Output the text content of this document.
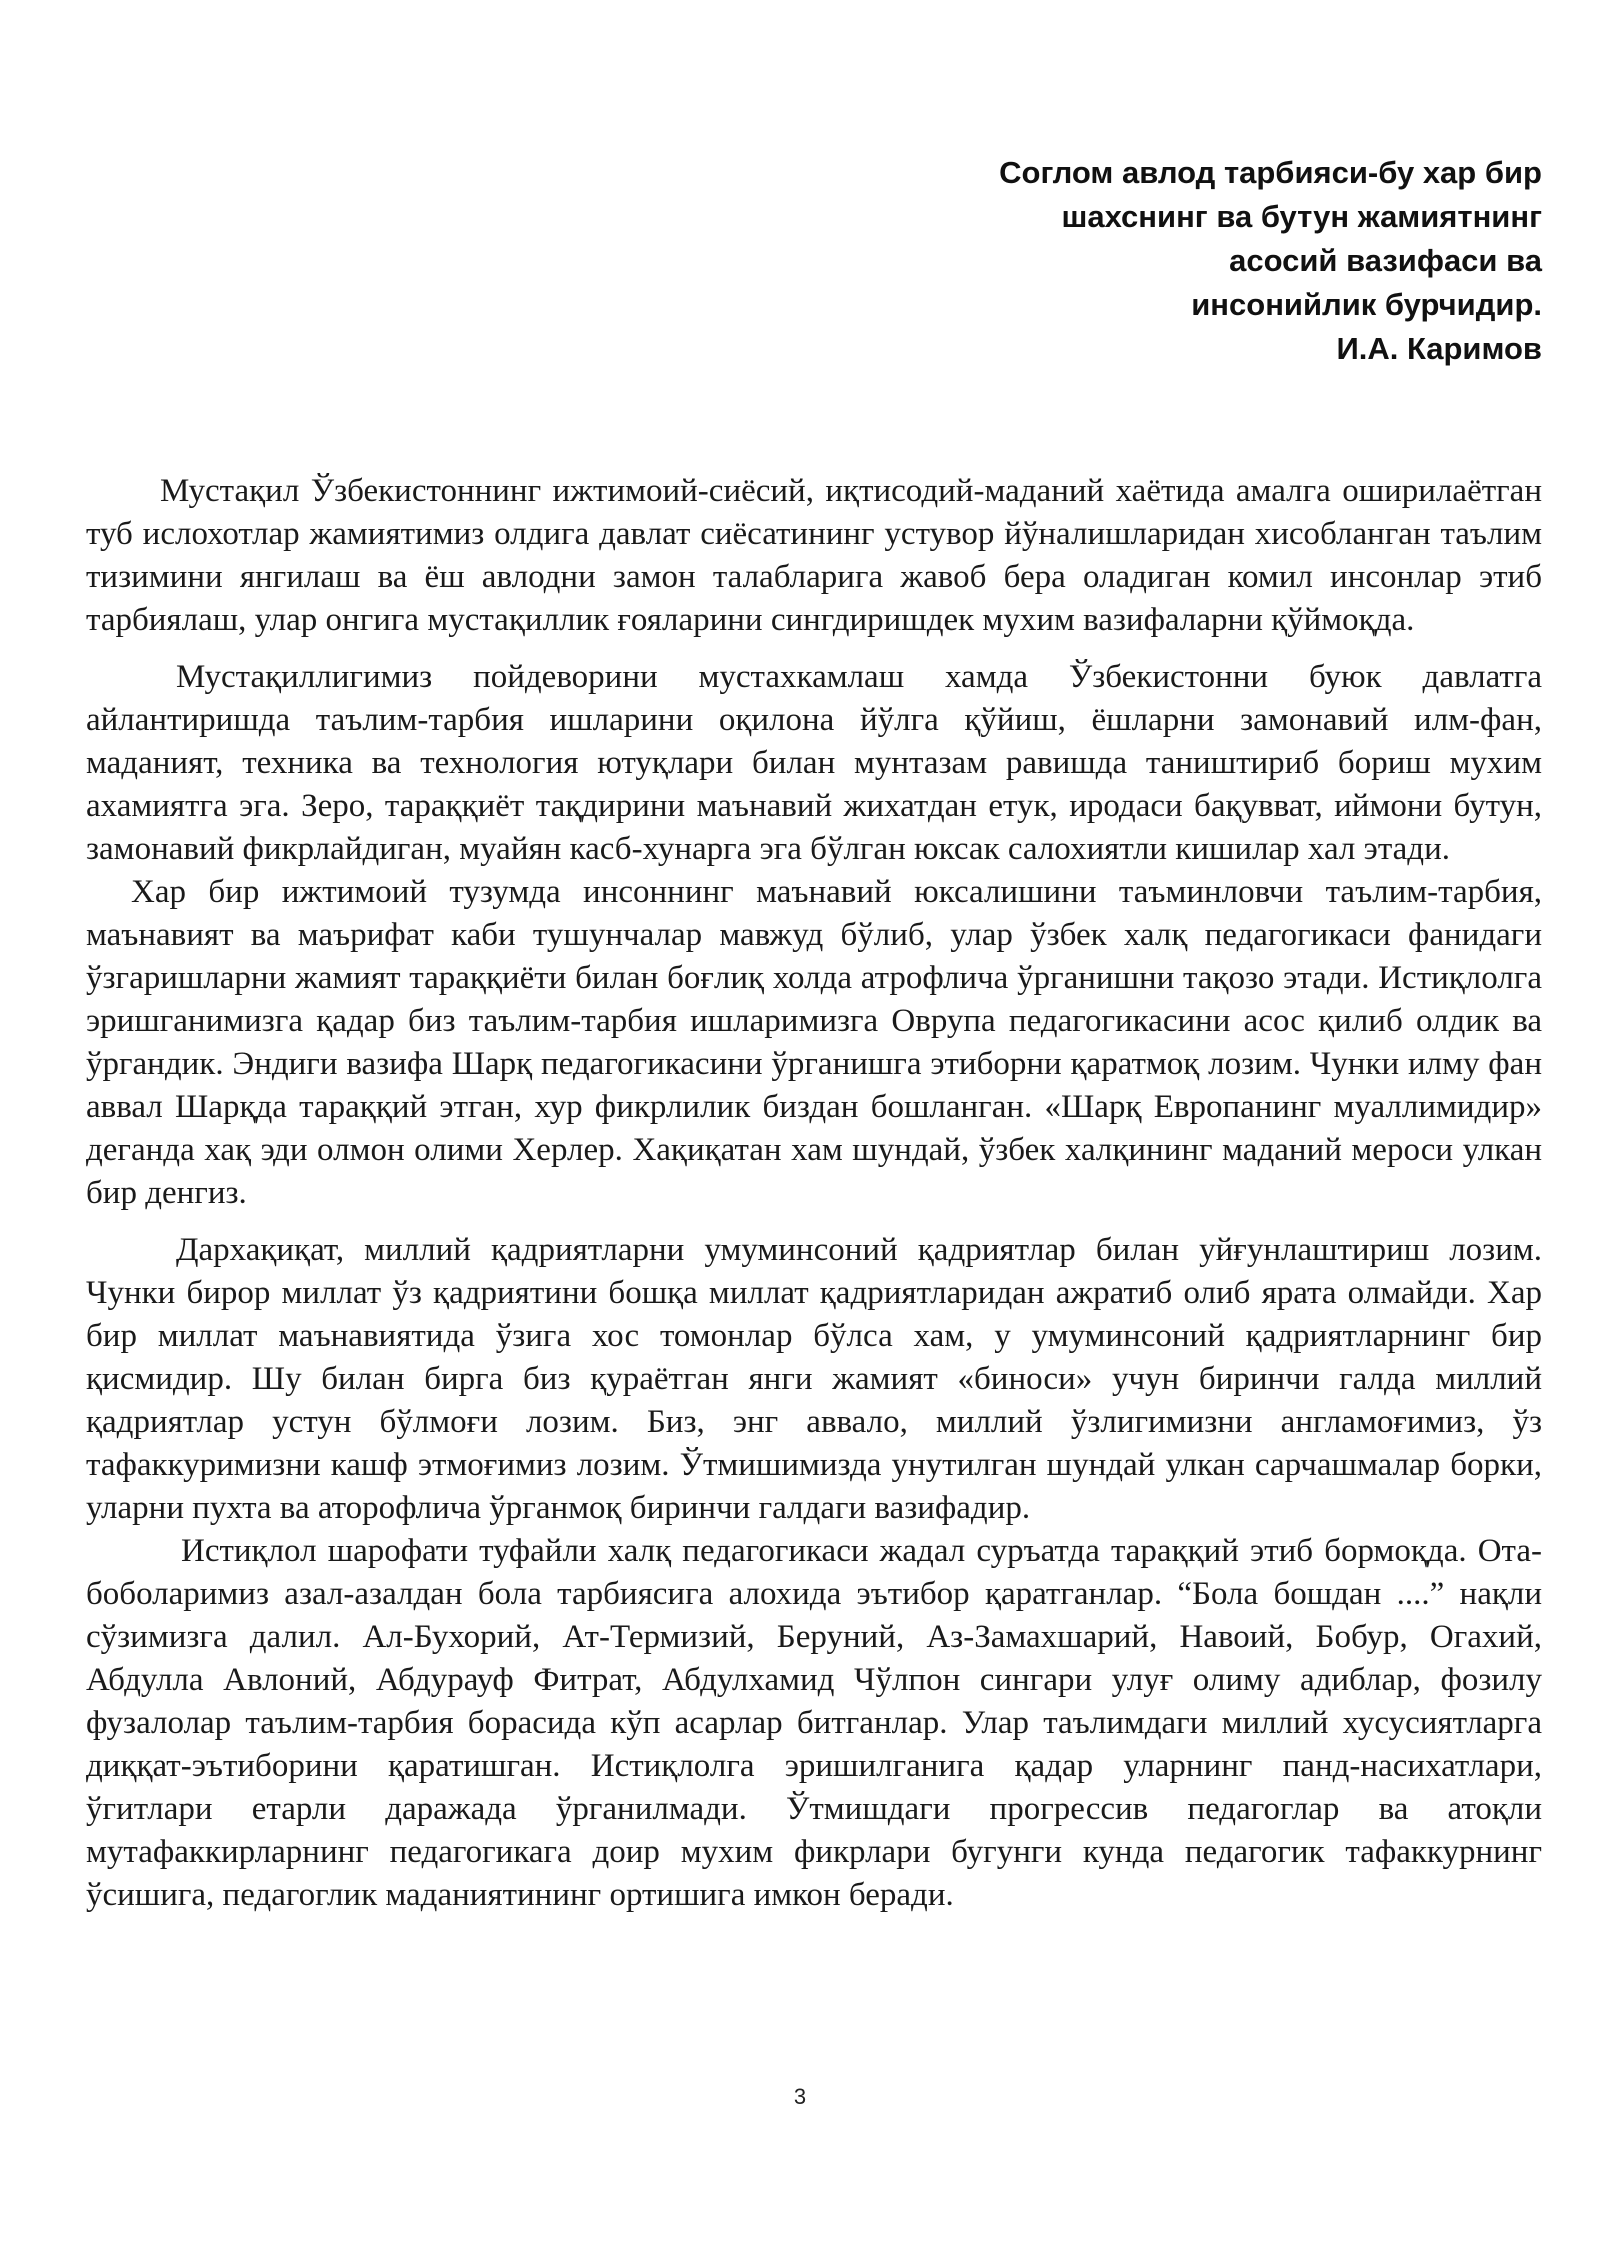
Соглом авлод тарбияси-бу хар бир
шахснинг ва бутун жамиятнинг
асосий вазифаси ва
инсонийлик бурчидир.
И.А. Каримов

Мустақил Ўзбекистоннинг ижтимоий-сиёсий, иқтисодий-маданий хаётида амалга оширилаётган туб ислохотлар жамиятимиз олдига давлат сиёсатининг устувор йўналишларидан хисобланган таълим тизимини янгилаш ва ёш авлодни замон талабларига жавоб бера оладиган комил инсонлар этиб тарбиялаш, улар онгига мустақиллик ғояларини сингдиришдек мухим вазифаларни қўймоқда.

Мустақиллигимиз пойдеворини мустахкамлаш хамда Ўзбекистонни буюк давлатга айлантиришда таълим-тарбия ишларини оқилона йўлга қўйиш, ёшларни замонавий илм-фан, маданият, техника ва технология ютуқлари билан мунтазам равишда таништириб бориш мухим ахамиятга эга. Зеро, тараққиёт тақдирини маънавий жихатдан етук, иродаси бақувват, иймони бутун, замонавий фикрлайдиган, муайян касб-хунарга эга бўлган юксак салохиятли кишилар хал этади.

Хар бир ижтимоий тузумда инсоннинг маънавий юксалишини таъминловчи таълим-тарбия, маънавият ва маърифат каби тушунчалар мавжуд бўлиб, улар ўзбек халқ педагогикаси фанидаги ўзгаришларни жамият тараққиёти билан боғлиқ холда атрофлича ўрганишни тақозо этади. Истиқлолга эришганимизга қадар биз таълим-тарбия ишларимизга Оврупа педагогикасини асос қилиб олдик ва ўргандик. Эндиги вазифа Шарқ педагогикасини ўрганишга этиборни қаратмоқ лозим. Чунки илму фан аввал Шарқда тараққий этган, хур фикрлилик биздан бошланган. «Шарқ Европанинг муаллимидир» деганда хақ эди олмон олими Херлер. Хақиқатан хам шундай, ўзбек халқининг маданий мероси улкан бир денгиз.

Дархақиқат, миллий қадриятларни умуминсоний қадриятлар билан уйғунлаштириш лозим. Чунки бирор миллат ўз қадриятини бошқа миллат қадриятларидан ажратиб олиб ярата олмайди. Хар бир миллат маънавиятида ўзига хос томонлар бўлса хам, у умуминсоний қадриятларнинг бир қисмидир. Шу билан бирга биз қураётган янги жамият «биноси» учун биринчи галда миллий қадриятлар устун бўлмоғи лозим. Биз, энг аввало, миллий ўзлигимизни англамоғимиз, ўз тафаккуримизни кашф этмоғимиз лозим. Ўтмишимизда унутилган шундай улкан сарчашмалар борки, уларни пухта ва аторофлича ўрганмоқ биринчи галдаги вазифадир.

Истиқлол шарофати туфайли халқ педагогикаси жадал суръатда тараққий этиб бормоқда. Ота-боболаримиз азал-азалдан бола тарбиясига алохида эътибор қаратганлар. “Бола бошдан ....” нақли сўзимизга далил. Ал-Бухорий, Ат-Термизий, Беруний, Аз-Замахшарий, Навоий, Бобур, Огахий, Абдулла Авлоний, Абдурауф Фитрат, Абдулхамид Чўлпон сингари улуғ олиму адиблар, фозилу фузалолар таълим-тарбия борасида кўп асарлар битганлар. Улар таълимдаги миллий хусусиятларга диққат-эътиборини қаратишган. Истиқлолга эришилганига қадар уларнинг панд-насихатлари, ўгитлари етарли даражада ўрганилмади. Ўтмишдаги прогрессив педагоглар ва атоқли мутафаккирларнинг педагогикага доир мухим фикрлари бугунги кунда педагогик тафаккурнинг ўсишига, педагоглик маданиятининг ортишига имкон беради.

3
